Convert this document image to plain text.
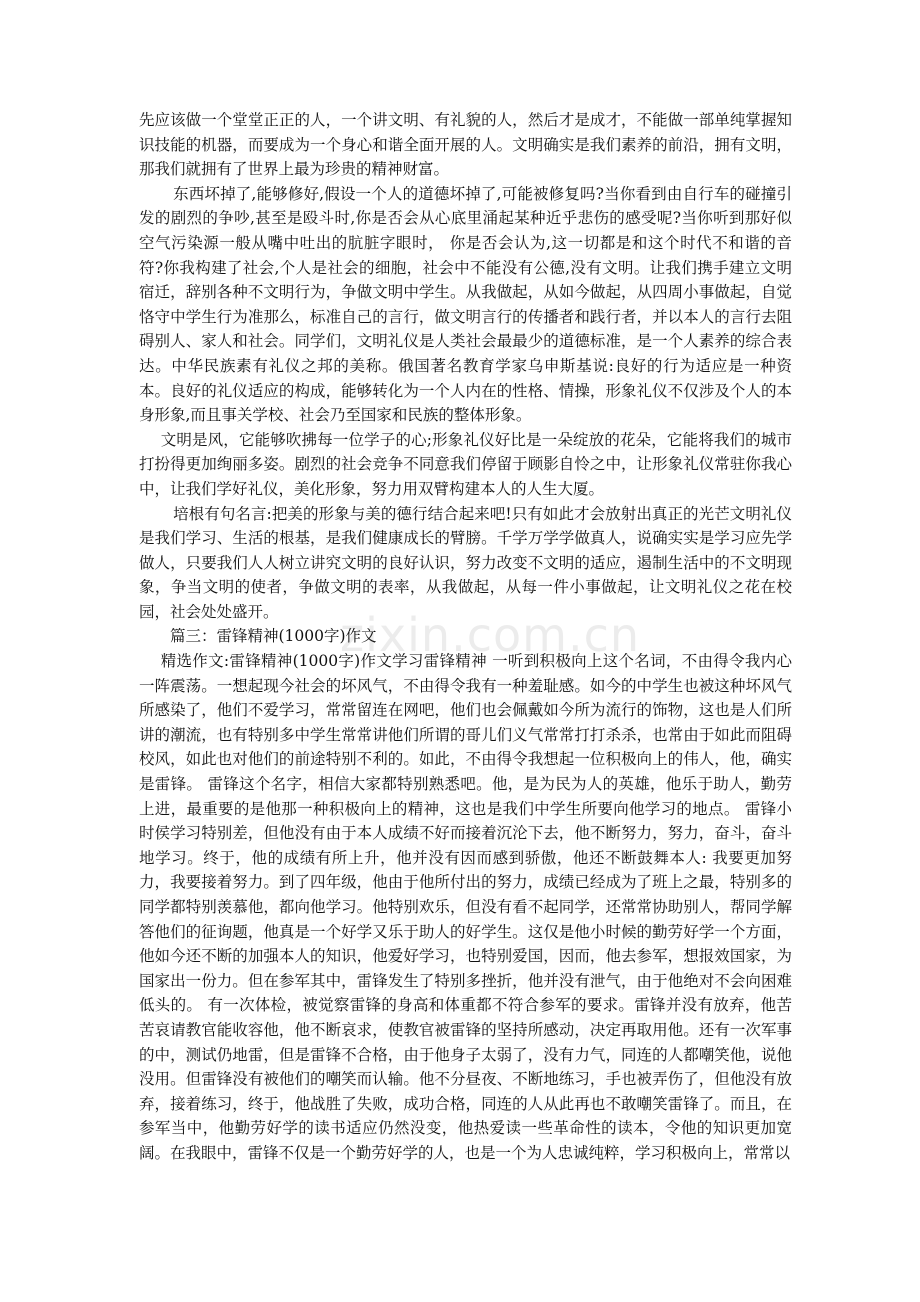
先应该做一个堂堂正正的人，一个讲文明、有礼貌的人，然后才是成才，不能做一部单纯掌握知识技能的机器，而要成为一个身心和谐全面开展的人。文明确实是我们素养的前沿，拥有文明，那我们就拥有了世界上最为珍贵的精神财富。

东西坏掉了,能够修好,假设一个人的道德坏掉了,可能被修复吗?当你看到由自行车的碰撞引发的剧烈的争吵,甚至是殴斗时,你是否会从心底里涌起某种近乎悲伤的感受呢?当你听到那好似空气污染源一般从嘴中吐出的肮脏字眼时， 你是否会认为,这一切都是和这个时代不和谐的音符?你我构建了社会,个人是社会的细胞，社会中不能没有公德,没有文明。让我们携手建立文明宿迁，辞别各种不文明行为，争做文明中学生。从我做起，从如今做起，从四周小事做起，自觉恪守中学生行为准那么，标准自己的言行，做文明言行的传播者和践行者，并以本人的言行去阻碍别人、家人和社会。同学们，文明礼仪是人类社会最最少的道德标准，是一个人素养的综合表达。中华民族素有礼仪之邦的美称。俄国著名教育学家乌申斯基说:良好的行为适应是一种资本。良好的礼仪适应的构成，能够转化为一个人内在的性格、情操，形象礼仪不仅涉及个人的本身形象,而且事关学校、社会乃至国家和民族的整体形象。

文明是风，它能够吹拂每一位学子的心;形象礼仪好比是一朵绽放的花朵，它能将我们的城市打扮得更加绚丽多姿。剧烈的社会竞争不同意我们停留于顾影自怜之中，让形象礼仪常驻你我心中，让我们学好礼仪，美化形象，努力用双臂构建本人的人生大厦。

培根有句名言:把美的形象与美的德行结合起来吧!只有如此才会放射出真正的光芒文明礼仪是我们学习、生活的根基，是我们健康成长的臂膀。千学万学学做真人，说确实实是学习应先学做人，只要我们人人树立讲究文明的良好认识，努力改变不文明的适应，遏制生活中的不文明现象，争当文明的使者，争做文明的表率，从我做起，从每一件小事做起，让文明礼仪之花在校园，社会处处盛开。

篇三：雷锋精神(1000字)作文

精选作文:雷锋精神(1000字)作文学习雷锋精神 一听到积极向上这个名词，不由得令我内心一阵震荡。一想起现今社会的坏风气，不由得令我有一种羞耻感。如今的中学生也被这种坏风气所感染了，他们不爱学习，常常留连在网吧，他们也会佩戴如今所为流行的饰物，这也是人们所讲的潮流，也有特别多中学生常常讲他们所谓的哥儿们义气常常打打杀杀，也常由于如此而阻碍校风，如此也对他们的前途特别不利的。如此，不由得令我想起一位积极向上的伟人，他，确实是雷锋。 雷锋这个名字，相信大家都特别熟悉吧。他，是为民为人的英雄，他乐于助人，勤劳上进，最重要的是他那一种积极向上的精神，这也是我们中学生所要向他学习的地点。 雷锋小时侯学习特别差，但他没有由于本人成绩不好而接着沉沦下去，他不断努力，努力，奋斗，奋斗地学习。终于，他的成绩有所上升，他并没有因而感到骄傲，他还不断鼓舞本人: 我要更加努力，我要接着努力。到了四年级，他由于他所付出的努力，成绩已经成为了班上之最，特别多的同学都特别羡慕他，都向他学习。他特别欢乐，但没有看不起同学，还常常协助别人，帮同学解答他们的征询题，他真是一个好学又乐于助人的好学生。这仅是他小时候的勤劳好学一个方面，他如今还不断的加强本人的知识，他爱好学习，也特别爱国，因而，他去参军，想报效国家，为国家出一份力。但在参军其中，雷锋发生了特别多挫折，他并没有泄气，由于他绝对不会向困难低头的。 有一次体检，被觉察雷锋的身高和体重都不符合参军的要求。雷锋并没有放弃，他苦苦哀请教官能收容他，他不断哀求，使教官被雷锋的坚持所感动，决定再取用他。还有一次军事的中，测试仍地雷，但是雷锋不合格，由于他身子太弱了，没有力气，同连的人都嘲笑他，说他没用。但雷锋没有被他们的嘲笑而认输。他不分昼夜、不断地练习，手也被弄伤了，但他没有放弃，接着练习，终于，他战胜了失败，成功合格，同连的人从此再也不敢嘲笑雷锋了。而且，在参军当中，他勤劳好学的读书适应仍然没变，他热爱读一些革命性的读本，令他的知识更加宽阔。在我眼中，雷锋不仅是一个勤劳好学的人，也是一个为人忠诚纯粹，学习积极向上，常常以

zixin.com.cn
